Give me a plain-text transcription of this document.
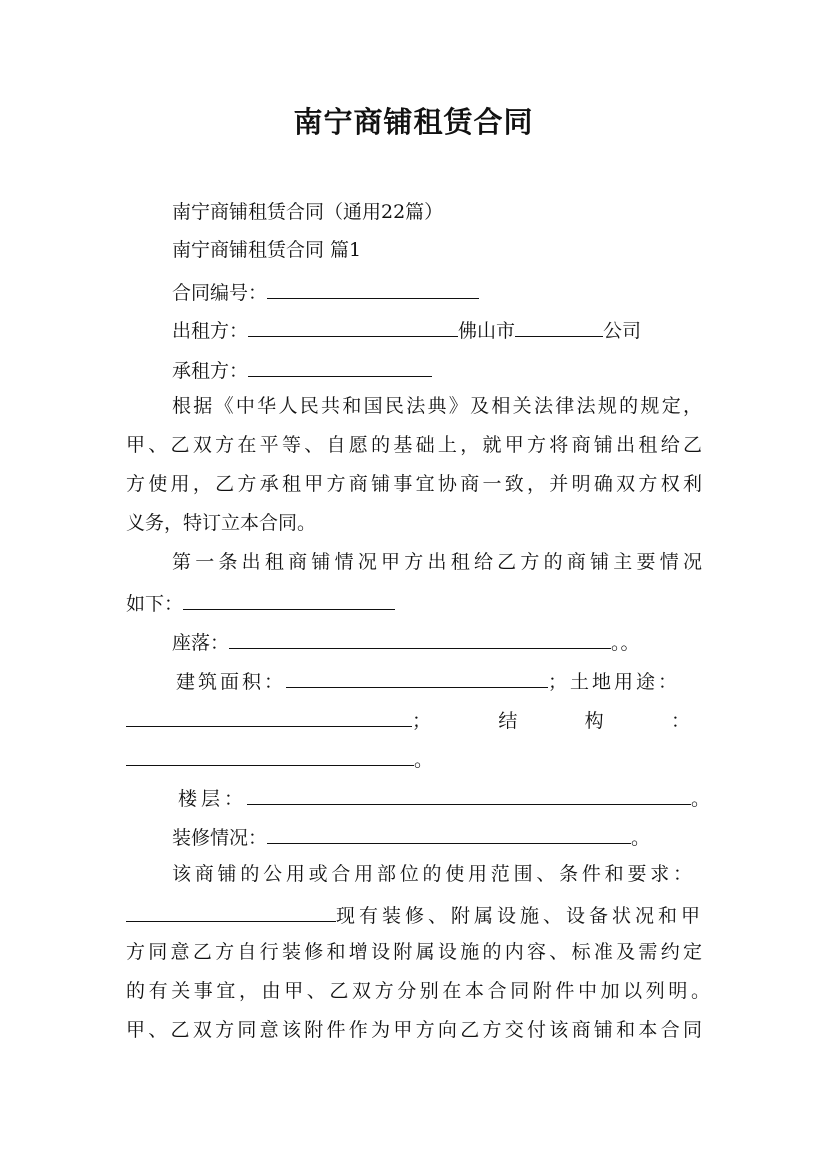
南宁商铺租赁合同
南宁商铺租赁合同（通用22篇）
南宁商铺租赁合同 篇1
合同编号：
出租方：	佛山市	公司
承租方：
根据《中华人民共和国民法典》及相关法律法规的规定，
甲、乙双方在平等、自愿的基础上，就甲方将商铺出租给乙
方使用，乙方承租甲方商铺事宜协商一致，并明确双方权利
义务，特订立本合同。
第一条出租商铺情况甲方出租给乙方的商铺主要情况
如下：
座落：	。。
建筑面积：	；土地用途：
；	结	构	：
。
楼层：	。
装修情况：	。
该商铺的公用或合用部位的使用范围、条件和要求：
现有装修、附属设施、设备状况和甲
方同意乙方自行装修和增设附属设施的内容、标准及需约定
的有关事宜，由甲、乙双方分别在本合同附件中加以列明。
甲、乙双方同意该附件作为甲方向乙方交付该商铺和本合同
